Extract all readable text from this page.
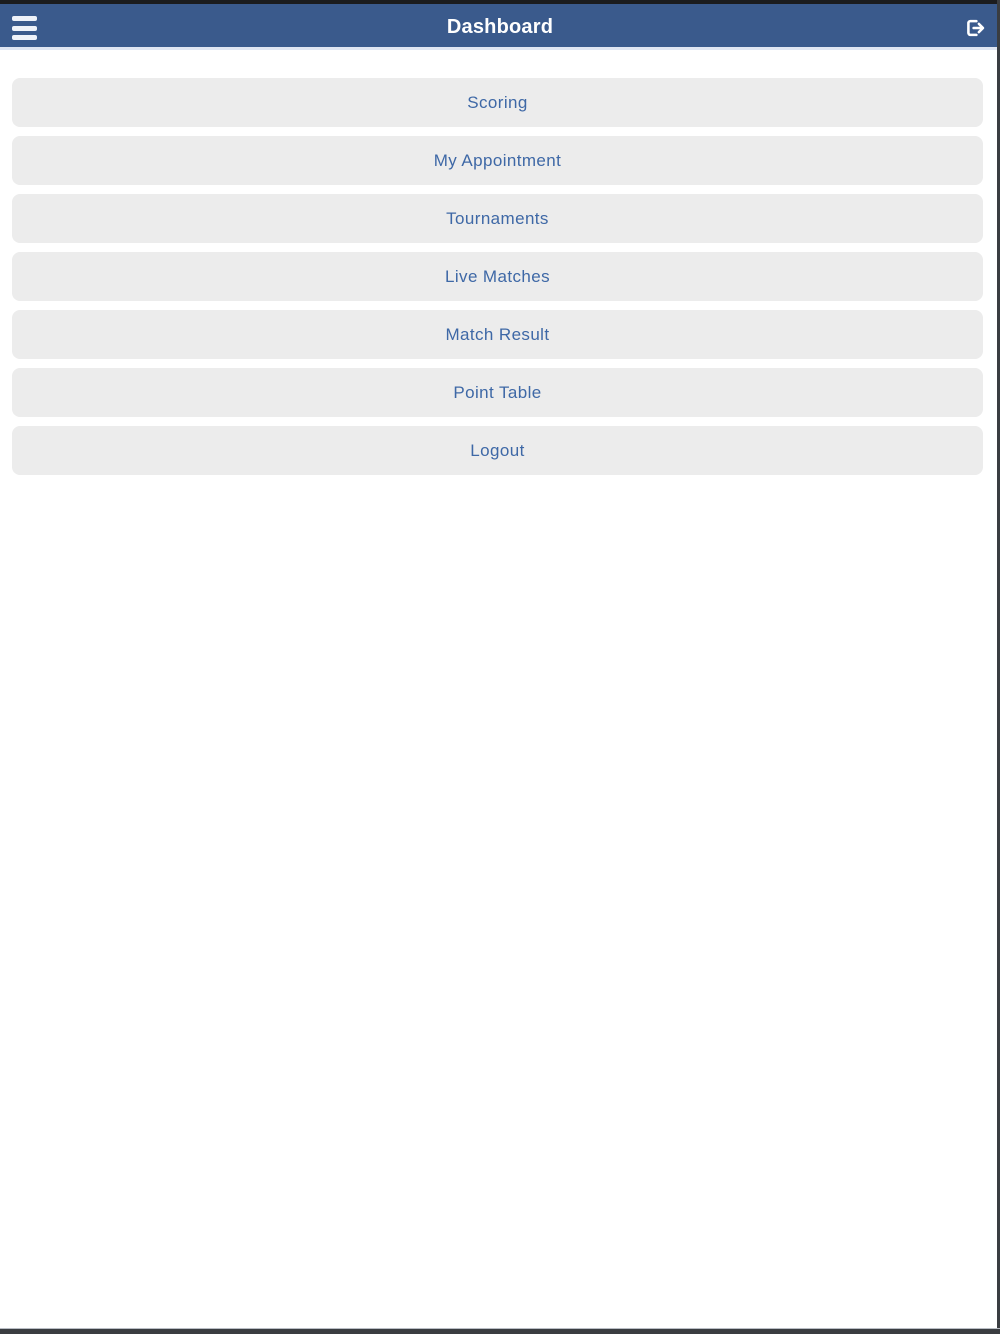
Dashboard
Scoring
My Appointment
Tournaments
Live Matches
Match Result
Point Table
Logout
